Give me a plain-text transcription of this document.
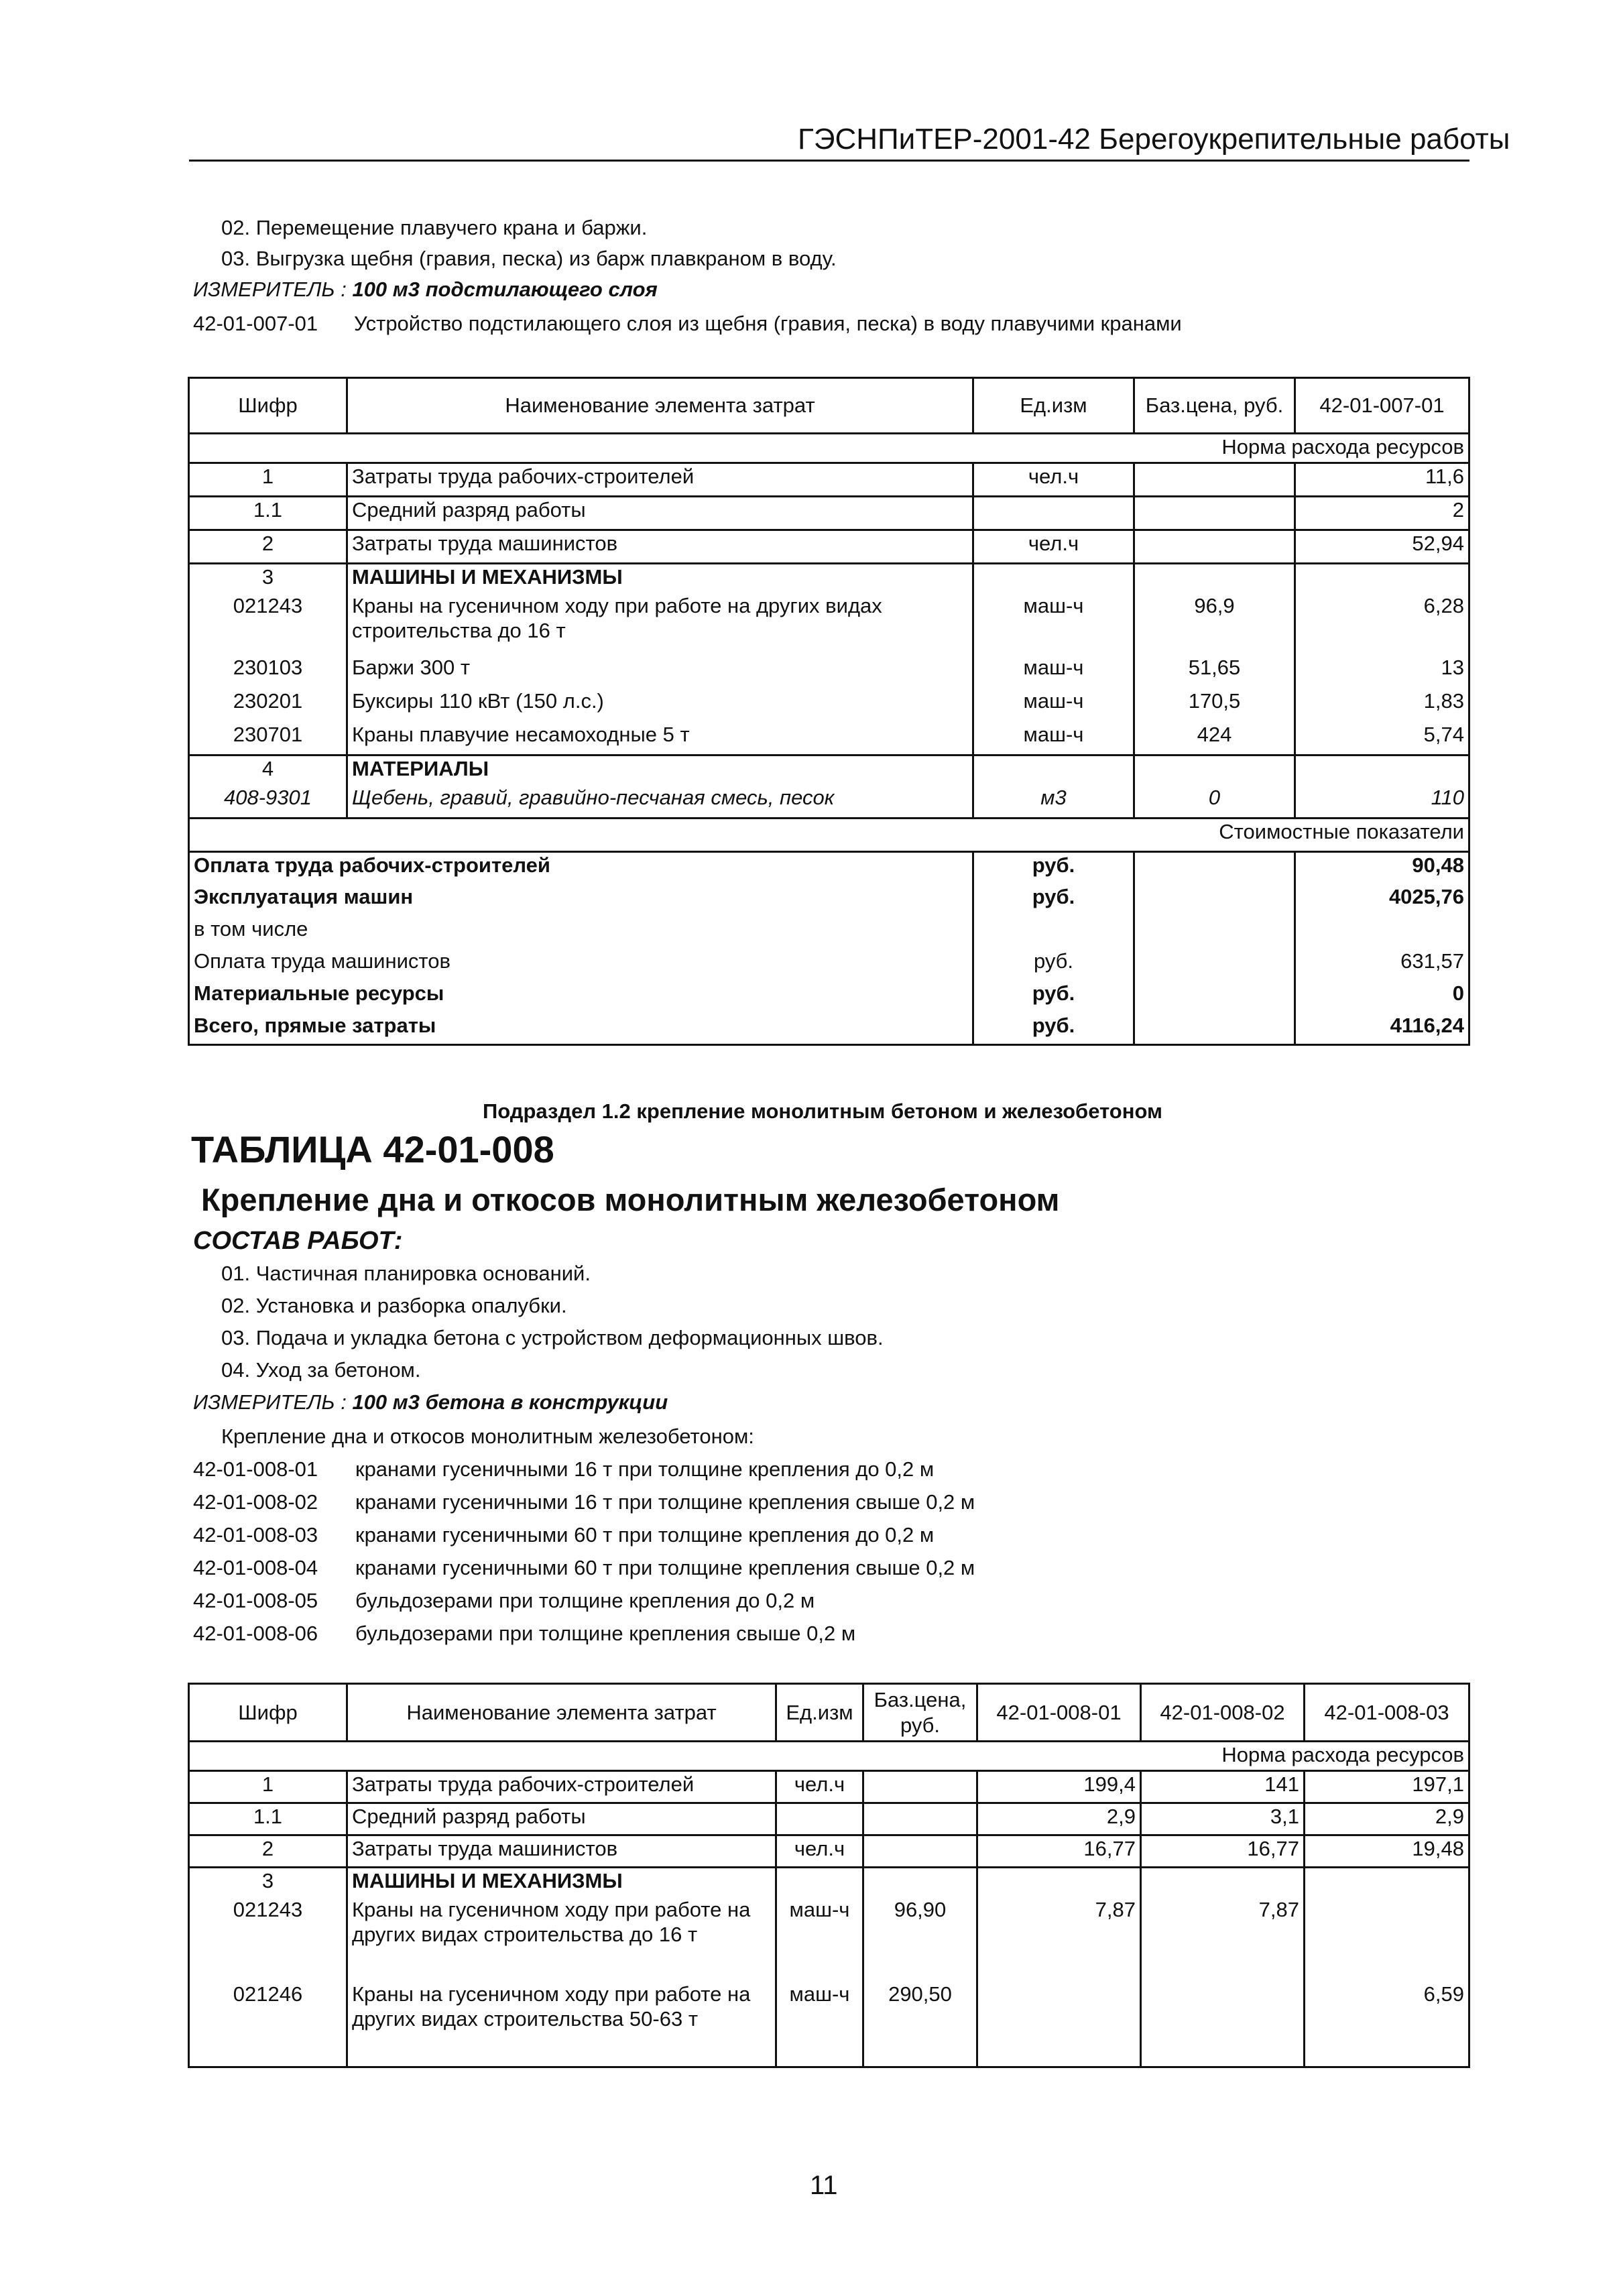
ГЭСНПиТЕР-2001-42 Берегоукрепительные работы
02. Перемещение плавучего крана и баржи.
03. Выгрузка щебня (гравия, песка) из барж плавкраном в воду.
ИЗМЕРИТЕЛЬ : 100 м3 подстилающего слоя
42-01-007-01 Устройство подстилающего слоя из щебня (гравия, песка) в воду плавучими кранами
Шифр	Наименование элемента затрат	Ед.изм	Баз.цена, руб.	42-01-007-01
Норма расхода ресурсов				
1	Затраты труда рабочих-строителей	чел.ч		11,6
1.1	Средний разряд работы			2
2	Затраты труда машинистов	чел.ч		52,94
3	МАШИНЫ И МЕХАНИЗМЫ			
021243	Краны на гусеничном ходу при работе на других видах строительства до 16 т	маш-ч	96,9	6,28
230103	Баржи 300 т	маш-ч	51,65	13
230201	Буксиры 110 кВт (150 л.с.)	маш-ч	170,5	1,83
230701	Краны плавучие несамоходные 5 т	маш-ч	424	5,74
4	МАТЕРИАЛЫ			
408-9301	Щебень, гравий, гравийно-песчаная смесь, песок	м3	0	110
Стоимостные показатели				
Оплата труда рабочих-строителей		руб.		90,48
Эксплуатация машин		руб.		4025,76
в том числе				
Оплата труда машинистов		руб.		631,57
Материальные ресурсы		руб.		0
Всего, прямые затраты		руб.		4116,24
Подраздел 1.2 крепление монолитным бетоном и железобетоном
ТАБЛИЦА 42-01-008
Крепление дна и откосов монолитным железобетоном
СОСТАВ РАБОТ:
01. Частичная планировка оснований.
02. Установка и разборка опалубки.
03. Подача и укладка бетона с устройством деформационных швов.
04. Уход за бетоном.
ИЗМЕРИТЕЛЬ : 100 м3 бетона в конструкции
Крепление дна и откосов монолитным железобетоном:
42-01-008-01 кранами гусеничными 16 т при толщине крепления до 0,2 м
42-01-008-02 кранами гусеничными 16 т при толщине крепления свыше 0,2 м
42-01-008-03 кранами гусеничными 60 т при толщине крепления до 0,2 м
42-01-008-04 кранами гусеничными 60 т при толщине крепления свыше 0,2 м
42-01-008-05 бульдозерами при толщине крепления до 0,2 м
42-01-008-06 бульдозерами при толщине крепления свыше 0,2 м
Шифр	Наименование элемента затрат	Ед.изм	Баз.цена, руб.	42-01-008-01	42-01-008-02	42-01-008-03
Норма расхода ресурсов						
1	Затраты труда рабочих-строителей	чел.ч		199,4	141	197,1
1.1	Средний разряд работы			2,9	3,1	2,9
2	Затраты труда машинистов	чел.ч		16,77	16,77	19,48
3	МАШИНЫ И МЕХАНИЗМЫ					
021243	Краны на гусеничном ходу при работе на других видах строительства до 16 т	маш-ч	96,90	7,87	7,87	
021246	Краны на гусеничном ходу при работе на других видах строительства 50-63 т	маш-ч	290,50			6,59
11
